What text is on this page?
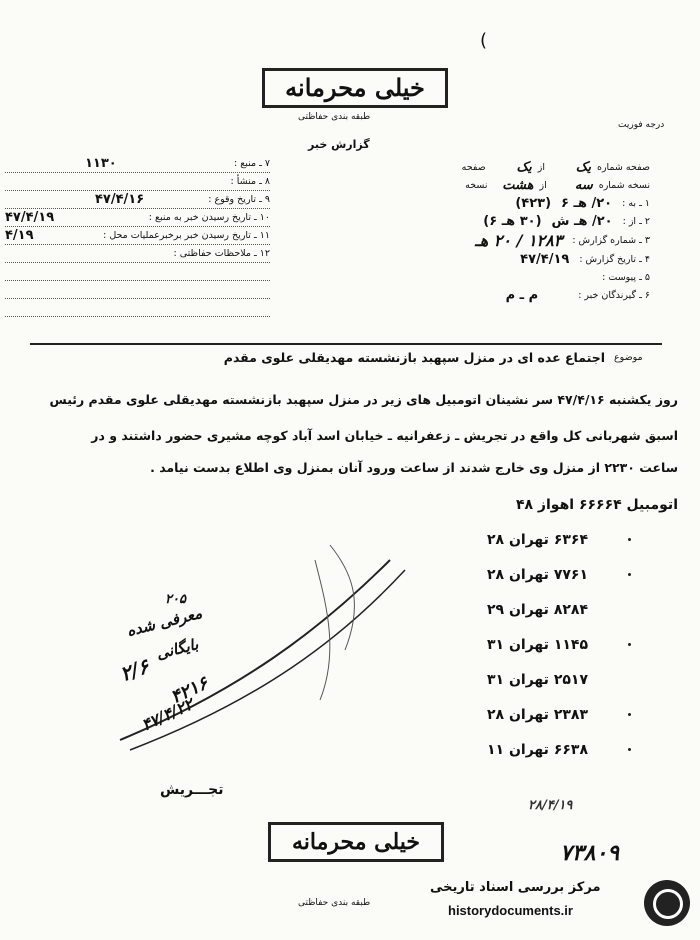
(
خیلی محرمانه
طبقه بندی حفاظتی
درجه فوریت
گزارش خبر
صفحه شماره
یک
از
یک
صفحه
نسخه شماره
سه
از
هشت
نسخه
۱ ـ به :
۲۰/ هـ ۶
(۴۲۳)
۲ ـ از :
۲۰/ هـ ش
(۳۰ هـ ۶)
۳ ـ شماره گزارش :
۱۲۸۳ / ۲۰ هـ
۴ ـ تاریخ گزارش :
۴۷/۴/۱۹
۵ ـ پیوست :
۶ ـ گیرندگان خبر :
م ـ م
۷ ـ منبع :
۱۱۳۰
۸ ـ منشأ :
۹ ـ تاریخ وقوع :
۴۷/۴/۱۶
۱۰ ـ تاریخ رسیدن خبر به منبع :
۴۷/۴/۱۹
۱۱ ـ تاریخ رسیدن خبر برخبرعملیات محل :
۴/۱۹
۱۲ ـ ملاحظات حفاظتی :
موضوع
اجتماع عده ای در منزل سپهبد بازنشسته مهدیقلی علوی مقدم
روز یکشنبه ۴۷/۴/۱۶ سر نشینان اتومبیل های زیر در منزل سپهبد بازنشسته مهدیقلی علوی مقدم رئیس
اسبق شهربانی کل واقع در تجریش ـ زعفرانیه ـ خیابان اسد آباد کوچه مشیری حضور داشتند و در
ساعت ۲۲۳۰ از منزل وی خارج شدند از ساعت ورود آنان بمنزل وی اطلاع بدست نیامد .
اتومبیل ۶۶۶۶۴ اهواز ۴۸
۶۳۶۴ تهران ۲۸
۷۷۶۱ تهران ۲۸
۸۲۸۴ تهران ۲۹
۱۱۴۵ تهران ۳۱
۲۵۱۷ تهران ۳۱
۲۳۸۳ تهران ۲۸
۶۶۳۸ تهران ۱۱
تجـــریش
۲۰۵
معرفی شده
بایگانی
۲/۶
۴۲۱۶
۴۷/۴/۲۲
۲۸/۴/۱۹
۷۳۸۰۹
خیلی محرمانه
طبقه بندی حفاظتی
مرکز بررسی اسناد تاریخی
historydocuments.ir
